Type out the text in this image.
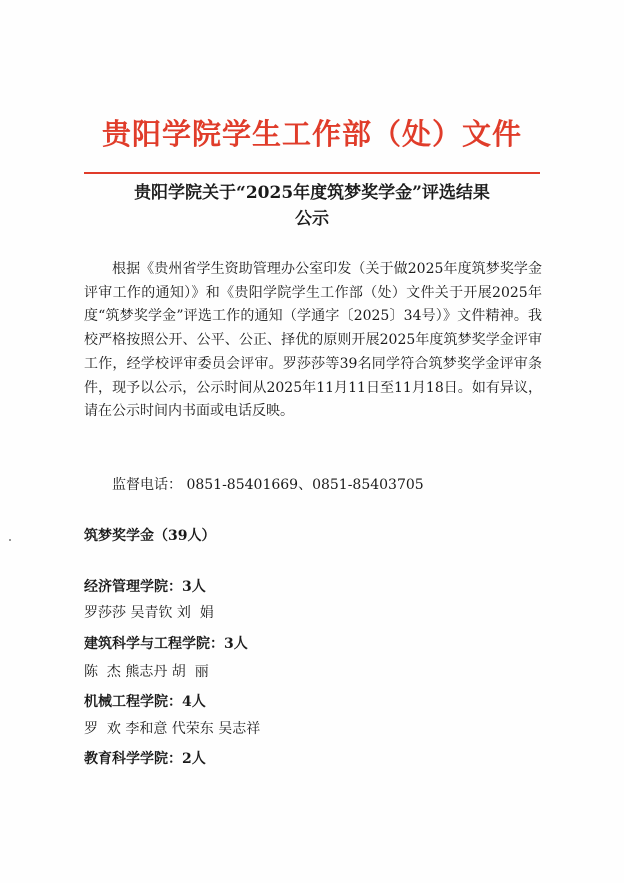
贵阳学院学生工作部（处）文件
贵阳学院关于“2025年度筑梦奖学金”评选结果
公示
根据《贵州省学生资助管理办公室印发（关于做2025年度筑梦奖学金评审工作的通知）》和《贵阳学院学生工作部（处）文件关于开展2025年度“筑梦奖学金”评选工作的通知（学通字〔2025〕34号）》文件精神。我校严格按照公开、公平、公正、择优的原则开展2025年度筑梦奖学金评审工作，经学校评审委员会评审。罗莎莎等39名同学符合筑梦奖学金评审条件，现予以公示，公示时间从2025年11月11日至11月18日。如有异议，请在公示时间内书面或电话反映。
监督电话： 0851-85401669、0851-85403705
筑梦奖学金（39人）
经济管理学院：3人
罗莎莎 吴青钦 刘  娟
建筑科学与工程学院：3人
陈  杰 熊志丹 胡  丽
机械工程学院：4人
罗  欢 李和意 代荣东 吴志祥
教育科学学院：2人
